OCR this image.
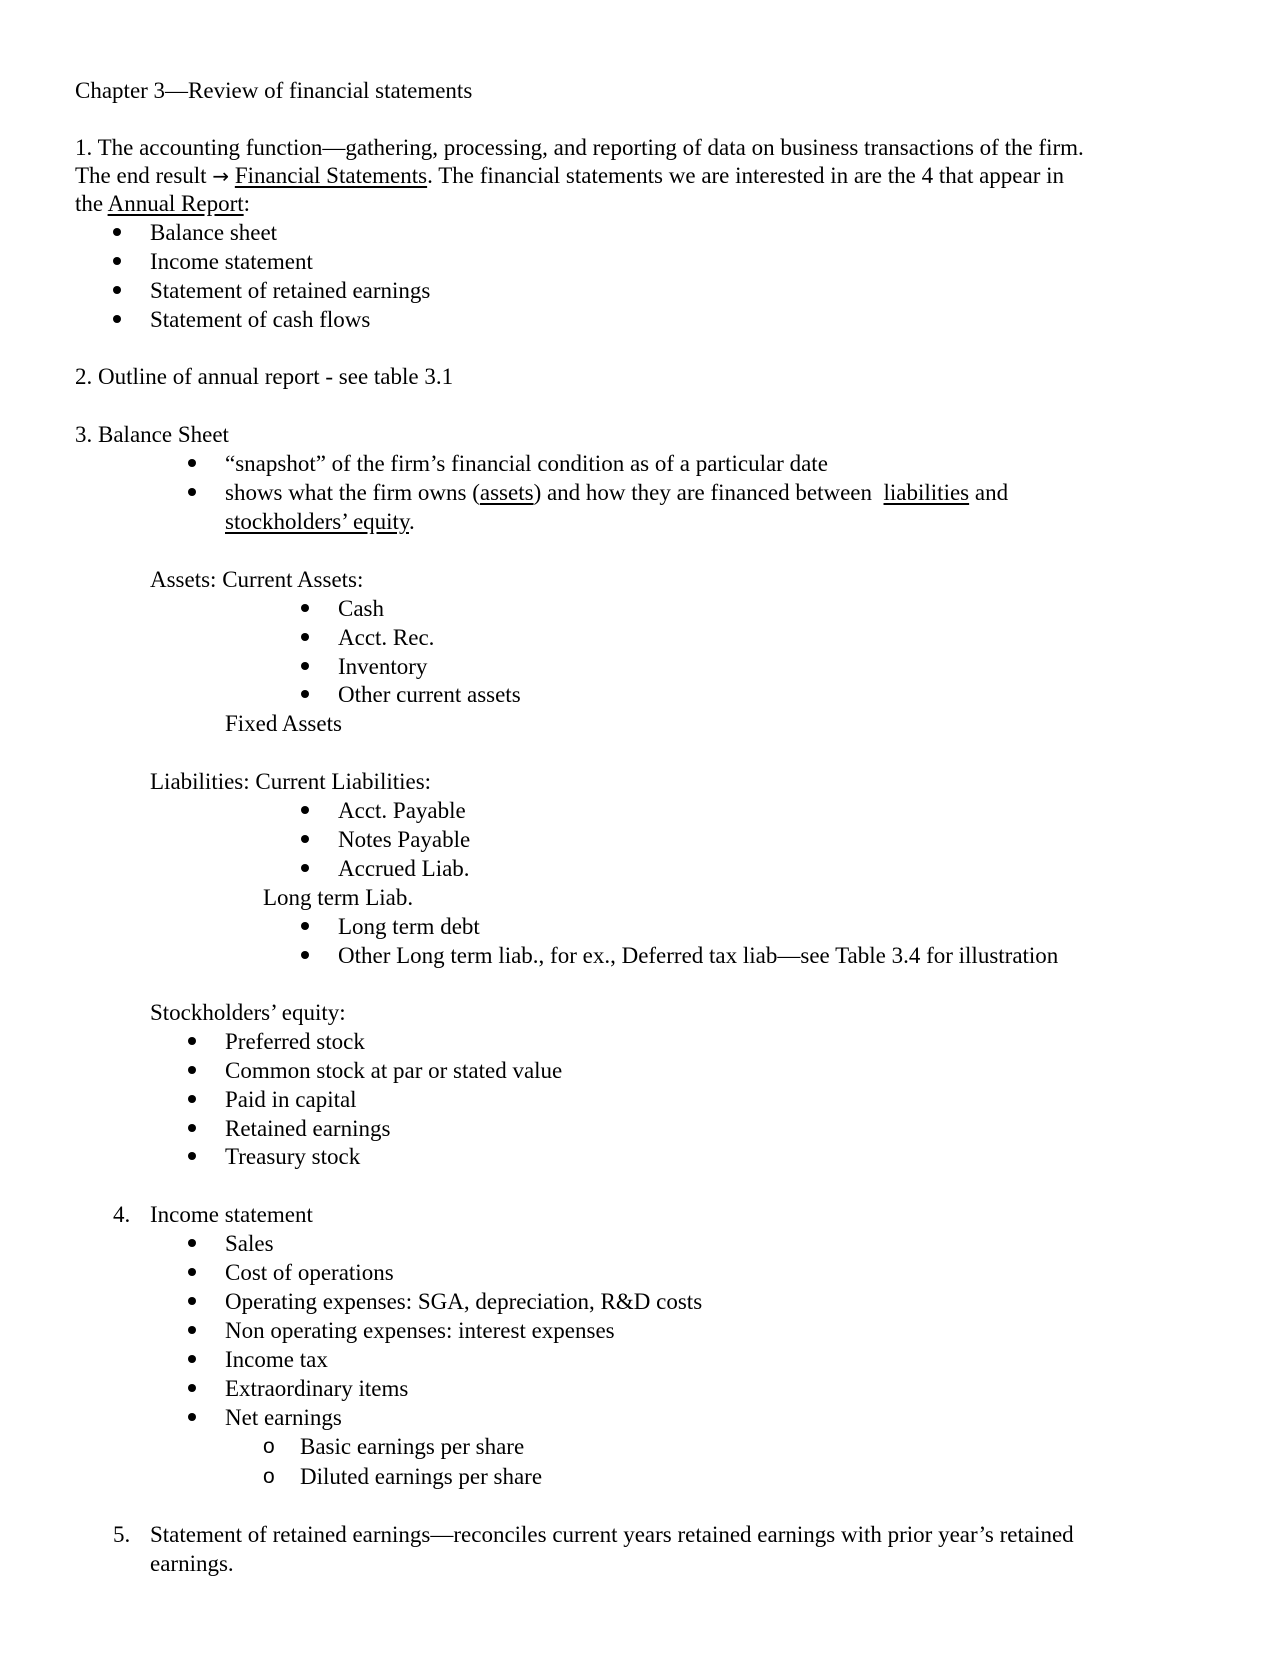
Chapter 3—Review of financial statements
1. The accounting function—gathering, processing, and reporting of data on business transactions of the firm.
The end result → Financial Statements. The financial statements we are interested in are the 4 that appear in
the Annual Report:
Balance sheet
Income statement
Statement of retained earnings
Statement of cash flows
2. Outline of annual report - see table 3.1
3. Balance Sheet
“snapshot” of the firm’s financial condition as of a particular date
shows what the firm owns (assets) and how they are financed between  liabilities and
stockholders’ equity.
Assets: Current Assets:
Cash
Acct. Rec.
Inventory
Other current assets
Fixed Assets
Liabilities: Current Liabilities:
Acct. Payable
Notes Payable
Accrued Liab.
Long term Liab.
Long term debt
Other Long term liab., for ex., Deferred tax liab—see Table 3.4 for illustration
Stockholders’ equity:
Preferred stock
Common stock at par or stated value
Paid in capital
Retained earnings
Treasury stock
4. Income statement
Sales
Cost of operations
Operating expenses: SGA, depreciation, R&D costs
Non operating expenses: interest expenses
Income tax
Extraordinary items
Net earnings
o Basic earnings per share
o Diluted earnings per share
5. Statement of retained earnings—reconciles current years retained earnings with prior year’s retained
earnings.
